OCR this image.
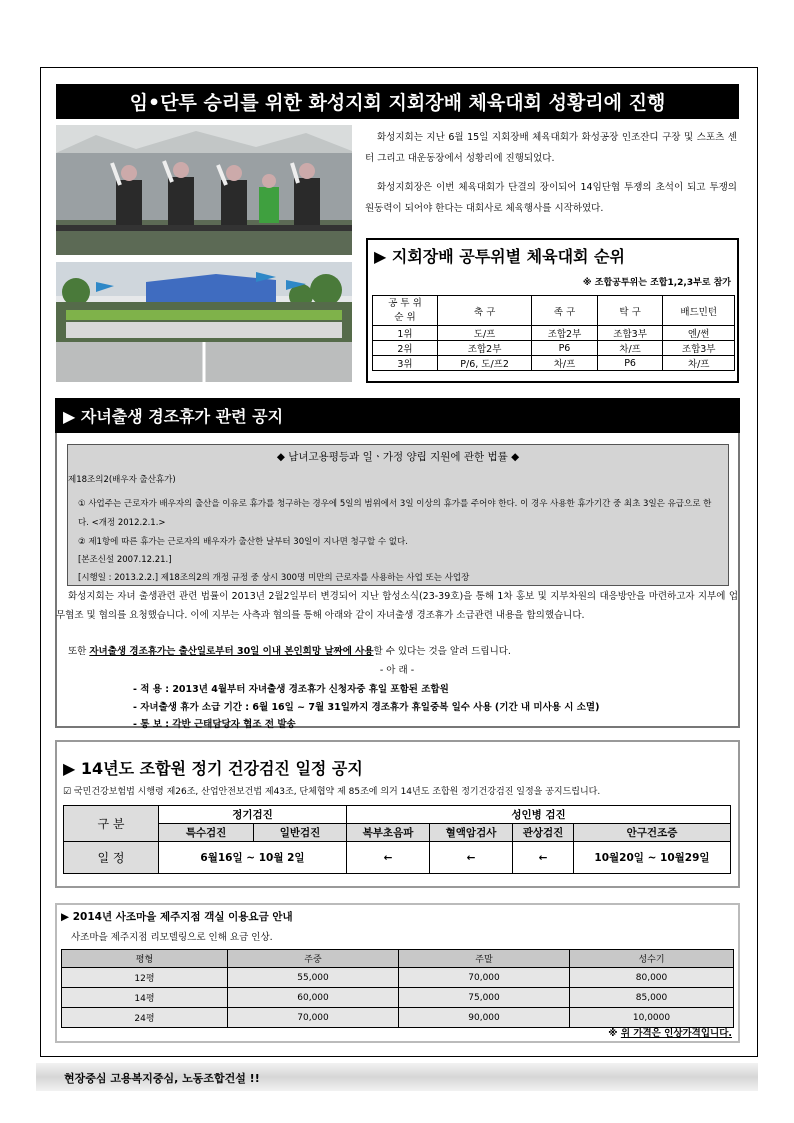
임•단투 승리를 위한 화성지회 지회장배 체육대회 성황리에 진행
화성지회는 지난 6월 15일 지회장배 체육대회가 화성공장 인조잔디 구장 및 스포츠 센터 그리고 대운동장에서 성황리에 진행되었다.
화성지회장은 이번 체육대회가 단결의 장이되어 14임단협 투쟁의 초석이 되고 투쟁의 원동력이 되어야 한다는 대회사로 체육행사를 시작하였다.
▶ 지회장배 공투위별 체육대회 순위
※ 조합공투위는 조합1,2,3부로 참가
공 투 위
순 위	축 구	족 구	탁 구	배드민턴
1위	도/프	조합2부	조합3부	엔/썬
2위	조합2부	P6	차/프	조합3부
3위	P/6, 도/프2	차/프	P6	차/프
▶ 자녀출생 경조휴가 관련 공지
◆ 남녀고용평등과 일ㆍ가정 양립 지원에 관한 법률 ◆
제18조의2(배우자 출산휴가)
① 사업주는 근로자가 배우자의 출산을 이유로 휴가를 청구하는 경우에 5일의 범위에서 3일 이상의 휴가를 주어야 한다. 이 경우 사용한 휴가기간 중 최초 3일은 유급으로 한다. <개정 2012.2.1.>
② 제1항에 따른 휴가는 근로자의 배우자가 출산한 날부터 30일이 지나면 청구할 수 없다.
[본조신설 2007.12.21.]
[시행일 : 2013.2.2.] 제18조의2의 개정 규정 중 상시 300명 미만의 근로자를 사용하는 사업 또는 사업장
화성지회는 자녀 출생관련 관련 법률이 2013년 2월2일부터 변경되어 지난 합성소식(23-39호)을 통해 1차 홍보 및 지부차원의 대응방안을 마련하고자 지부에 업무협조 및 협의를 요청했습니다. 이에 지부는 사측과 협의를 통해 아래와 같이 자녀출생 경조휴가 소급관련 내용을 합의했습니다.
또한 자녀출생 경조휴가는 출산일로부터 30일 이내 본인희망 날짜에 사용할 수 있다는 것을 알려 드립니다.
- 아 래 -
- 적 용 : 2013년 4월부터 자녀출생 경조휴가 신청자중 휴일 포함된 조합원
- 자녀출생 휴가 소급 기간 : 6월 16일 ~ 7월 31일까지 경조휴가 휴일중복 일수 사용 (기간 내 미사용 시 소멸)
- 통 보 : 각반 근태담당자 협조 전 발송
▶ 14년도 조합원 정기 건강검진 일정 공지
☑ 국민건강보험법 시행령 제26조, 산업안전보건법 제43조, 단체협약 제 85조에 의거 14년도 조합원 정기건강검진 일정을 공지드립니다.
구 분	정기검진		성인병 검진			
	특수검진	일반검진	복부초음파	혈액암검사	관상검진	안구건조증
일 정	6월16일 ~ 10월 2일		←	←	←	10월20일 ~ 10월29일
▶ 2014년 사조마을 제주지점 객실 이용요금 안내
사조마을 제주지점 리모델링으로 인해 요금 인상.
평형	주중	주말	성수기
12평	55,000	70,000	80,000
14평	60,000	75,000	85,000
24평	70,000	90,000	10,0000
※ 위 가격은 인상가격입니다.
현장중심 고용복지중심, 노동조합건설 !!
